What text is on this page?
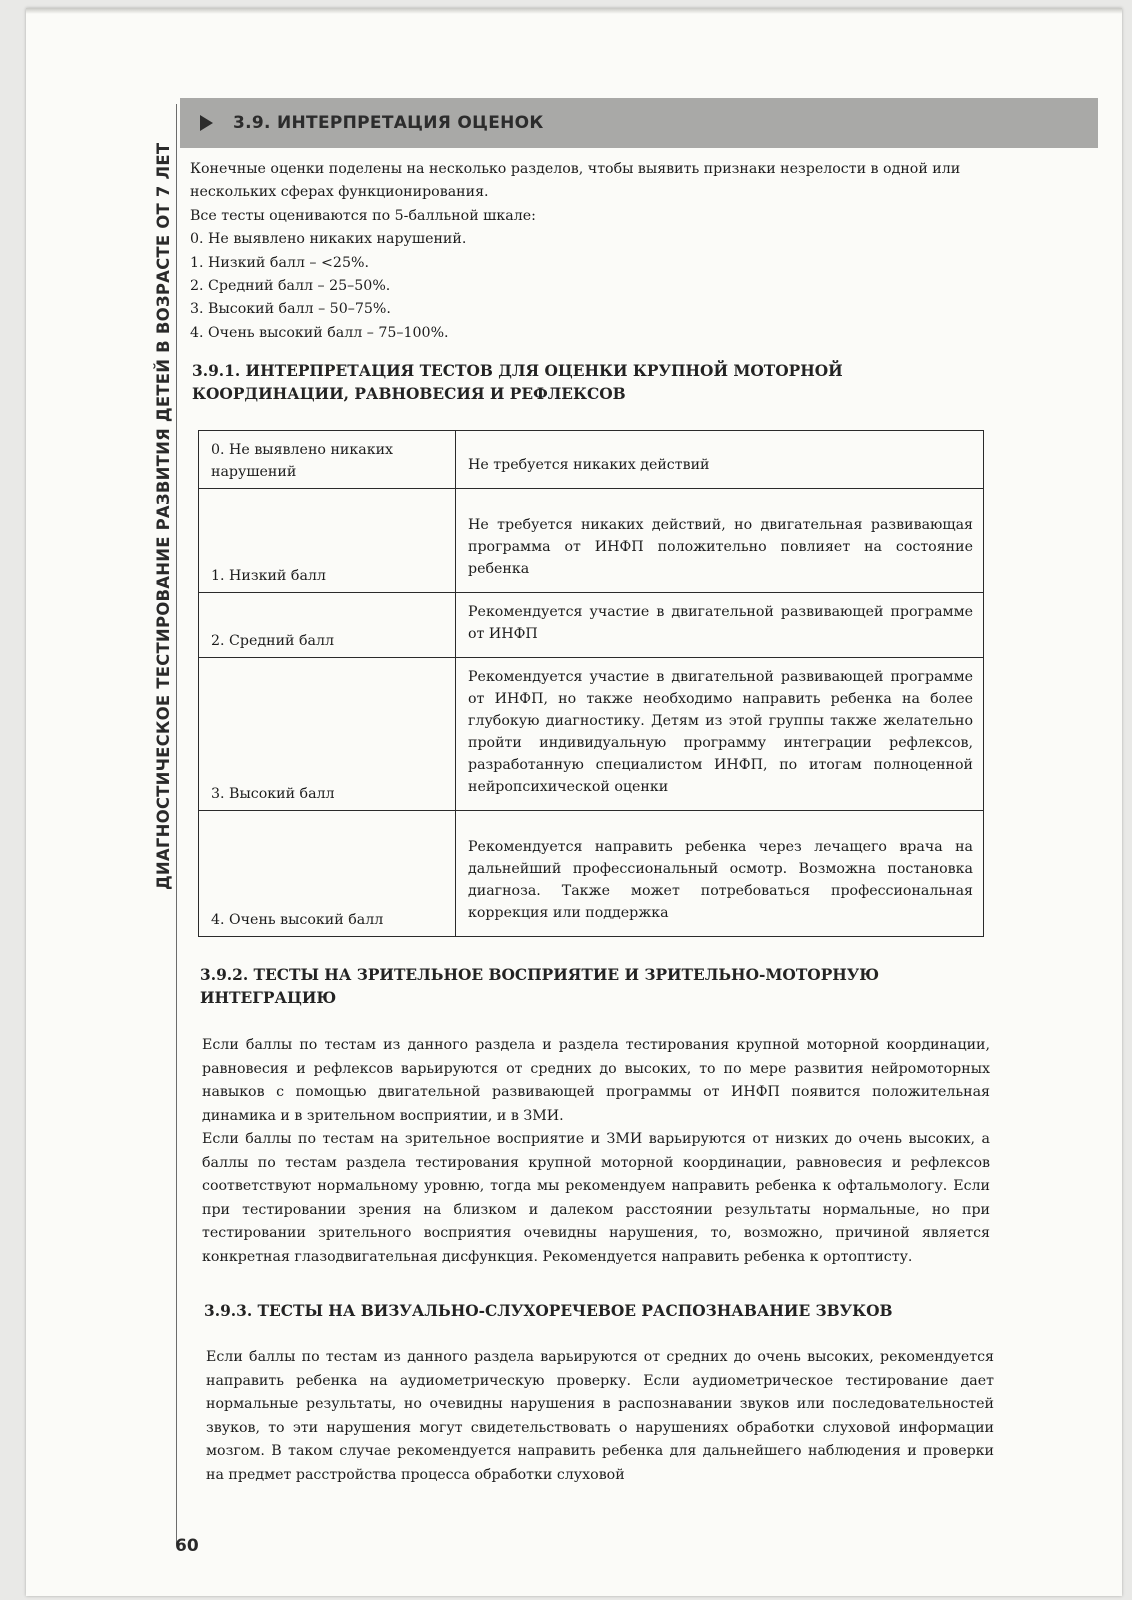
ДИАГНОСТИЧЕСКОЕ ТЕСТИРОВАНИЕ РАЗВИТИЯ ДЕТЕЙ В ВОЗРАСТЕ ОТ 7 ЛЕТ
60
3.9. ИНТЕРПРЕТАЦИЯ ОЦЕНОК

Конечные оценки поделены на несколько разделов, чтобы выявить признаки незрелости в одной или нескольких сферах функционирования.

Все тесты оцениваются по 5-балльной шкале:

0. Не выявлено никаких нарушений.

1. Низкий балл – <25%.

2. Средний балл – 25–50%.

3. Высокий балл – 50–75%.

4. Очень высокий балл – 75–100%.

3.9.1. ИНТЕРПРЕТАЦИЯ ТЕСТОВ ДЛЯ ОЦЕНКИ КРУПНОЙ МОТОРНОЙ КООРДИНАЦИИ, РАВНОВЕСИЯ И РЕФЛЕКСОВ
0. Не выявлено никаких нарушений	Не требуется никаких действий
1. Низкий балл	Не требуется никаких действий, но двигательная развивающая программа от ИНФП положительно повлияет на состояние ребенка
2. Средний балл	Рекомендуется участие в двигательной развивающей программе от ИНФП
3. Высокий балл	Рекомендуется участие в двигательной развивающей программе от ИНФП, но также необходимо направить ребенка на более глубокую диагностику. Детям из этой группы также желательно пройти индивидуальную программу интеграции рефлексов, разработанную специалистом ИНФП, по итогам полноценной нейропсихической оценки
4. Очень высокий балл	Рекомендуется направить ребенка через лечащего врача на дальнейший профессиональный осмотр. Возможна постановка диагноза. Также может потребоваться профессиональная коррекция или поддержка
3.9.2. ТЕСТЫ НА ЗРИТЕЛЬНОЕ ВОСПРИЯТИЕ И ЗРИТЕЛЬНО-МОТОРНУЮ ИНТЕГРАЦИЮ

Если баллы по тестам из данного раздела и раздела тестирования крупной моторной координации, равновесия и рефлексов варьируются от средних до высоких, то по мере развития нейромоторных навыков с помощью двигательной развивающей программы от ИНФП появится положительная динамика и в зрительном восприятии, и в ЗМИ.

Если баллы по тестам на зрительное восприятие и ЗМИ варьируются от низких до очень высоких, а баллы по тестам раздела тестирования крупной моторной координации, равновесия и рефлексов соответствуют нормальному уровню, тогда мы рекомендуем направить ребенка к офтальмологу. Если при тестировании зрения на близком и далеком расстоянии результаты нормальные, но при тестировании зрительного восприятия очевидны нарушения, то, возможно, причиной является конкретная глазодвигательная дисфункция. Рекомендуется направить ребенка к ортоптисту.

3.9.3. ТЕСТЫ НА ВИЗУАЛЬНО-СЛУХОРЕЧЕВОЕ РАСПОЗНАВАНИЕ ЗВУКОВ

Если баллы по тестам из данного раздела варьируются от средних до очень высоких, рекомендуется направить ребенка на аудиометрическую проверку. Если аудиометрическое тестирование дает нормальные результаты, но очевидны нарушения в распознавании звуков или последовательностей звуков, то эти нарушения могут свидетельствовать о нарушениях обработки слуховой информации мозгом. В таком случае рекомендуется направить ребенка для дальнейшего наблюдения и проверки на предмет расстройства процесса обработки слуховой
